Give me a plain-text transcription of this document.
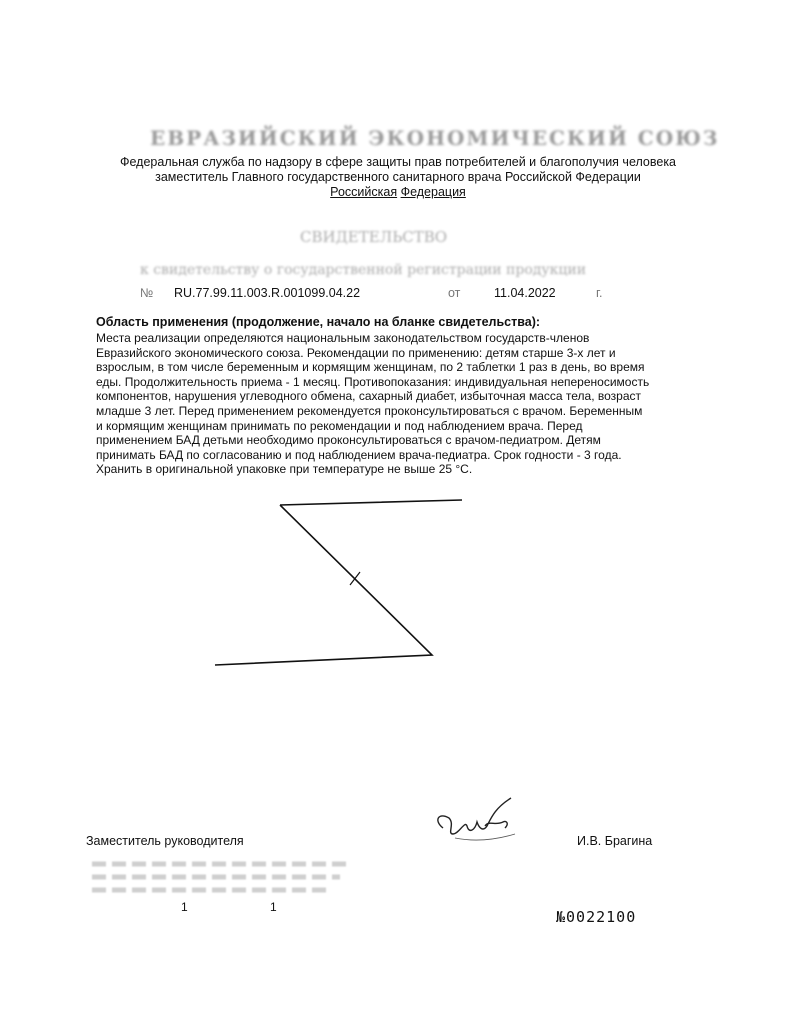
ЕВРАЗИЙСКИЙ ЭКОНОМИЧЕСКИЙ СОЮЗ
Федеральная служба по надзору в сфере защиты прав потребителей и благополучия человека
заместитель Главного государственного санитарного врача Российской Федерации
Российская Федерация
СВИДЕТЕЛЬСТВО
к свидетельству о государственной регистрации продукции
№ RU.77.99.11.003.R.001099.04.22	от	11.04.2022	г.
Область применения (продолжение, начало на бланке свидетельства):
Места реализации определяются национальным законодательством государств-членов
Евразийского экономического союза. Рекомендации по применению: детям старше 3-х лет и
взрослым, в том числе беременным и кормящим женщинам, по 2 таблетки 1 раз в день, во время
еды. Продолжительность приема - 1 месяц. Противопоказания: индивидуальная непереносимость
компонентов, нарушения углеводного обмена, сахарный диабет, избыточная масса тела, возраст
младше 3 лет. Перед применением рекомендуется проконсультироваться с врачом. Беременным
и кормящим женщинам принимать по рекомендации и под наблюдением врача. Перед
применением БАД детьми необходимо проконсультироваться с врачом-педиатром. Детям
принимать БАД по согласованию и под наблюдением врача-педиатра. Срок годности - 3 года.
Хранить в оригинальной упаковке при температуре не выше 25 °С.
Заместитель руководителя	И.В. Брагина
1	1
№0022100
